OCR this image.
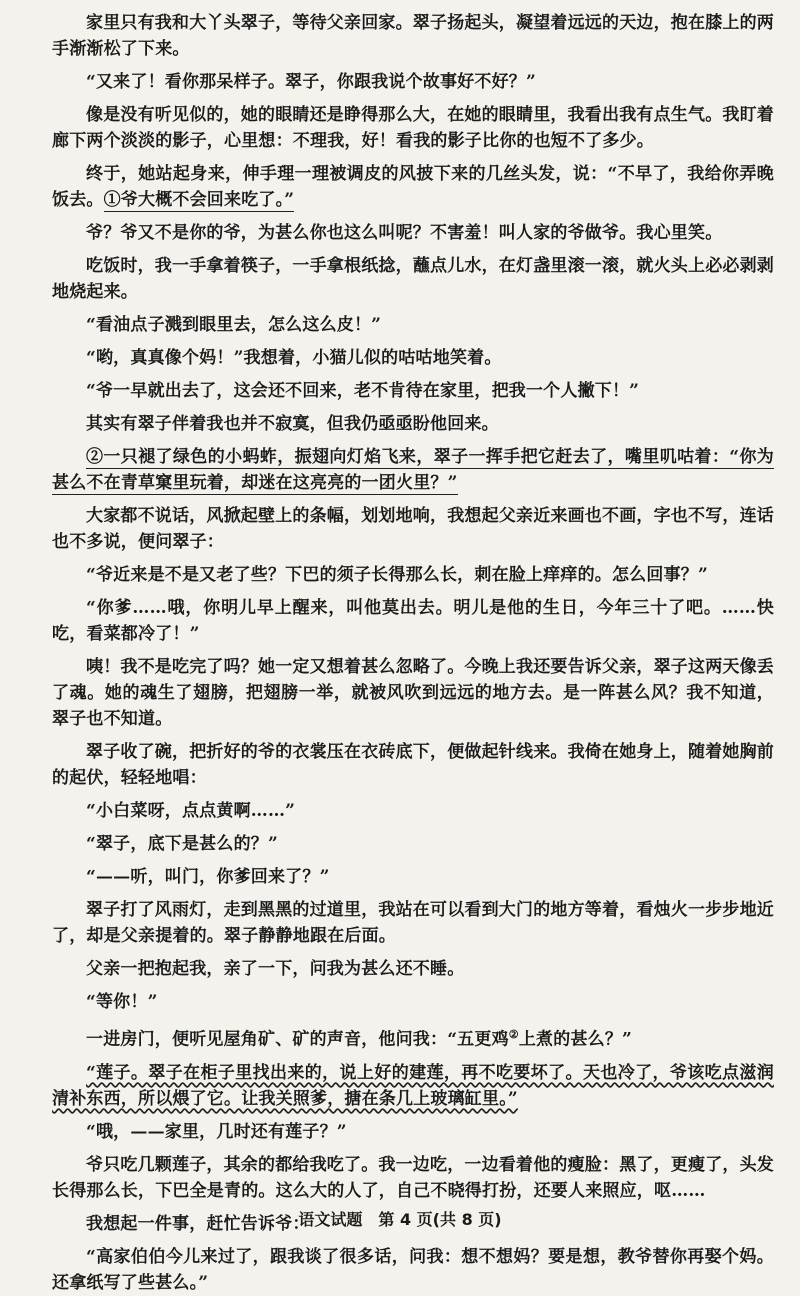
家里只有我和大丫头翠子，等待父亲回家。翠子扬起头，凝望着远远的天边，抱在膝上的两手渐渐松了下来。

“又来了！看你那呆样子。翠子，你跟我说个故事好不好？”

像是没有听见似的，她的眼睛还是睁得那么大，在她的眼睛里，我看出我有点生气。我盯着廊下两个淡淡的影子，心里想：不理我，好！看我的影子比你的也短不了多少。

终于，她站起身来，伸手理一理被调皮的风披下来的几丝头发，说：“不早了，我给你弄晚饭去。①爷大概不会回来吃了。”

爷？爷又不是你的爷，为甚么你也这么叫呢？不害羞！叫人家的爷做爷。我心里笑。

吃饭时，我一手拿着筷子，一手拿根纸捻，蘸点儿水，在灯盏里滚一滚，就火头上必必剥剥地烧起来。

“看油点子溅到眼里去，怎么这么皮！”

“哟，真真像个妈！”我想着，小猫儿似的咕咕地笑着。

“爷一早就出去了，这会还不回来，老不肯待在家里，把我一个人撇下！”

其实有翠子伴着我也并不寂寞，但我仍亟亟盼他回来。

②一只褪了绿色的小蚂蚱，振翅向灯焰飞来，翠子一挥手把它赶去了，嘴里叽咕着：“你为甚么不在青草窠里玩着，却迷在这亮亮的一团火里？”

大家都不说话，风掀起壁上的条幅，划划地响，我想起父亲近来画也不画，字也不写，连话也不多说，便问翠子：

“爷近来是不是又老了些？下巴的须子长得那么长，刺在脸上痒痒的。怎么回事？”

“你爹……哦，你明儿早上醒来，叫他莫出去。明儿是他的生日，今年三十了吧。……快吃，看菜都冷了！”

咦！我不是吃完了吗？她一定又想着甚么忽略了。今晚上我还要告诉父亲，翠子这两天像丢了魂。她的魂生了翅膀，把翅膀一举，就被风吹到远远的地方去。是一阵甚么风？我不知道，翠子也不知道。

翠子收了碗，把折好的爷的衣裳压在衣砖底下，便做起针线来。我倚在她身上，随着她胸前的起伏，轻轻地唱：

“小白菜呀，点点黄啊……”

“翠子，底下是甚么的？”

“——听，叫门，你爹回来了？”

翠子打了风雨灯，走到黑黑的过道里，我站在可以看到大门的地方等着，看烛火一步步地近了，却是父亲提着的。翠子静静地跟在后面。

父亲一把抱起我，亲了一下，问我为甚么还不睡。

“等你！”

一进房门，便听见屋角矿、矿的声音，他问我：“五更鸡②上煮的甚么？”

“莲子。翠子在柜子里找出来的，说上好的建莲，再不吃要坏了。天也冷了，爷该吃点滋润清补东西，所以煨了它。让我关照爹，搪在条几上玻璃缸里。”

“哦，——家里，几时还有莲子？”

爷只吃几颗莲子，其余的都给我吃了。我一边吃，一边看着他的瘦脸：黑了，更瘦了，头发长得那么长，下巴全是青的。这么大的人了，自己不晓得打扮，还要人来照应，呕……

我想起一件事，赶忙告诉爷：

“高家伯伯今儿来过了，跟我谈了很多话，问我：想不想妈？要是想，教爷替你再娶个妈。还拿纸写了些甚么。”

语文试题　第 4 页(共 8 页)
